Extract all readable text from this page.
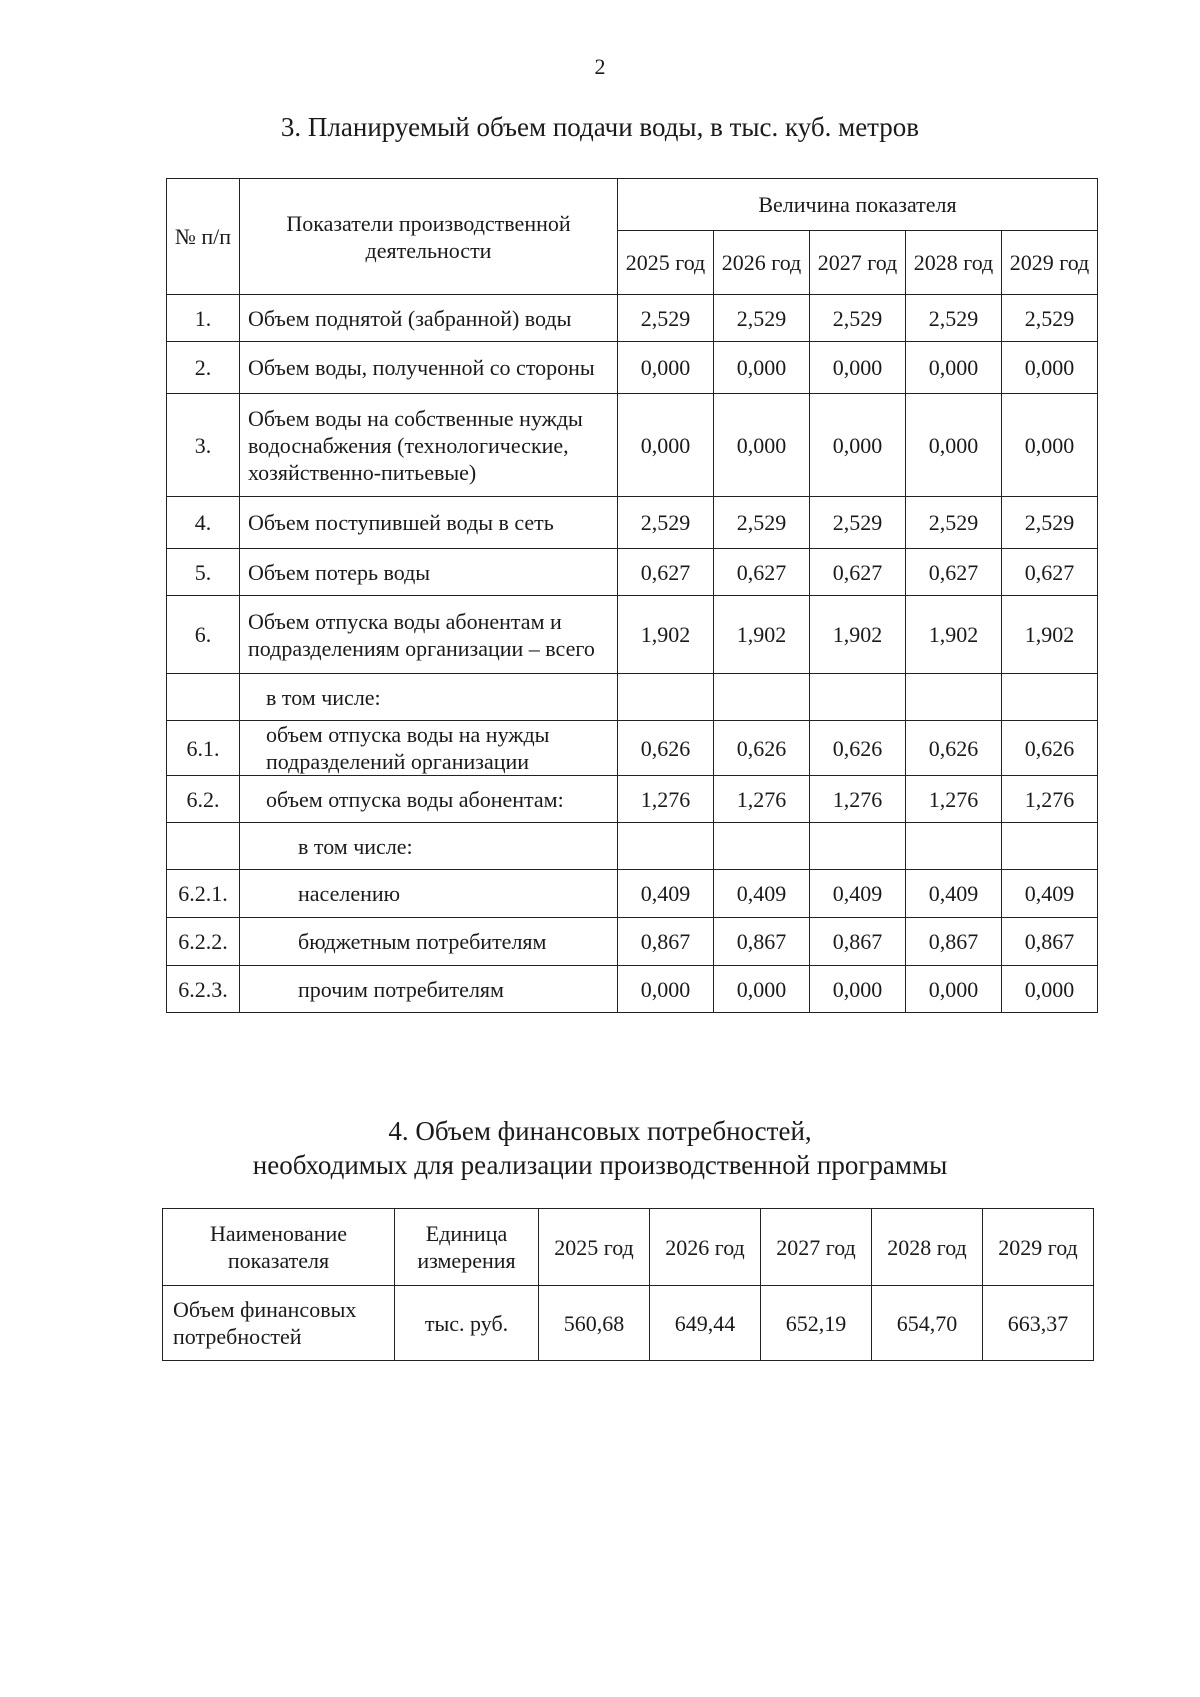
2
3. Планируемый объем подачи воды, в тыс. куб. метров
№ п/п	Показатели производственной деятельности	Величина показателя				
		2025 год	2026 год	2027 год	2028 год	2029 год
1.	Объем поднятой (забранной) воды	2,529	2,529	2,529	2,529	2,529
2.	Объем воды, полученной со стороны	0,000	0,000	0,000	0,000	0,000
3.	Объем воды на собственные нужды водоснабжения (технологические, хозяйственно-питьевые)	0,000	0,000	0,000	0,000	0,000
4.	Объем поступившей воды в сеть	2,529	2,529	2,529	2,529	2,529
5.	Объем потерь воды	0,627	0,627	0,627	0,627	0,627
6.	Объем отпуска воды абонентам и подразделениям организации – всего	1,902	1,902	1,902	1,902	1,902
	в том числе:					
6.1.	объем отпуска воды на нужды подразделений организации	0,626	0,626	0,626	0,626	0,626
6.2.	объем отпуска воды абонентам:	1,276	1,276	1,276	1,276	1,276
	в том числе:					
6.2.1.	населению	0,409	0,409	0,409	0,409	0,409
6.2.2.	бюджетным потребителям	0,867	0,867	0,867	0,867	0,867
6.2.3.	прочим потребителям	0,000	0,000	0,000	0,000	0,000
4. Объем финансовых потребностей,
необходимых для реализации производственной программы
Наименование показателя	Единица измерения	2025 год	2026 год	2027 год	2028 год	2029 год
Объем финансовых потребностей	тыс. руб.	560,68	649,44	652,19	654,70	663,37
